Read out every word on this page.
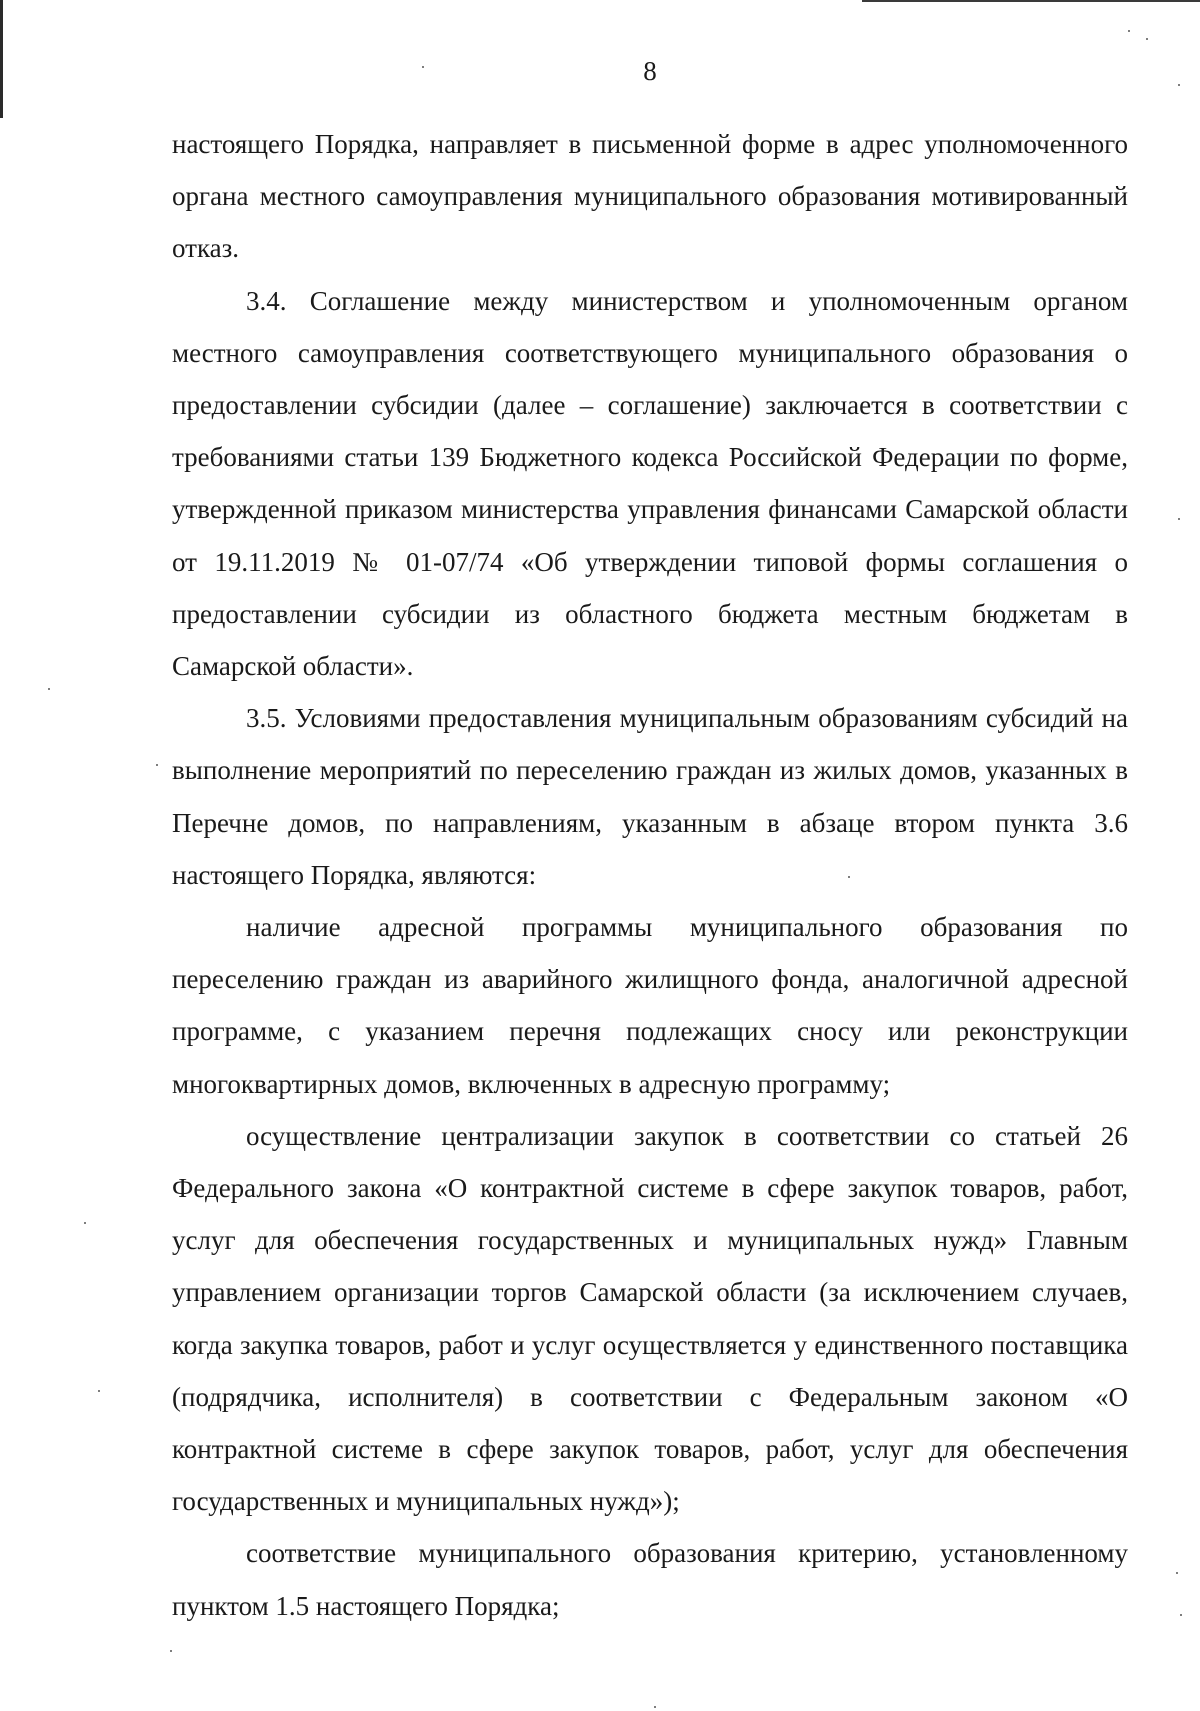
8

настоящего Порядка, направляет в письменной форме в адрес уполномоченного органа местного самоуправления муниципального образования мотивированный отказ.

3.4. Соглашение между министерством и уполномоченным органом местного самоуправления соответствующего муниципального образования о предоставлении субсидии (далее – соглашение) заключается в соответствии с требованиями статьи 139 Бюджетного кодекса Российской Федерации по форме, утвержденной приказом министерства управления финансами Самарской области от 19.11.2019 № 01-07/74 «Об утверждении типовой формы соглашения о предоставлении субсидии из областного бюджета местным бюджетам в Самарской области».

3.5. Условиями предоставления муниципальным образованиям субсидий на выполнение мероприятий по переселению граждан из жилых домов, указанных в Перечне домов, по направлениям, указанным в абзаце втором пункта 3.6 настоящего Порядка, являются:

наличие адресной программы муниципального образования по переселению граждан из аварийного жилищного фонда, аналогичной адресной программе, с указанием перечня подлежащих сносу или реконструкции многоквартирных домов, включенных в адресную программу;

осуществление централизации закупок в соответствии со статьей 26 Федерального закона «О контрактной системе в сфере закупок товаров, работ, услуг для обеспечения государственных и муниципальных нужд» Главным управлением организации торгов Самарской области (за исключением случаев, когда закупка товаров, работ и услуг осуществляется у единственного поставщика (подрядчика, исполнителя) в соответствии с Федеральным законом «О контрактной системе в сфере закупок товаров, работ, услуг для обеспечения государственных и муниципальных нужд»);

соответствие муниципального образования критерию, установленному пунктом 1.5 настоящего Порядка;
